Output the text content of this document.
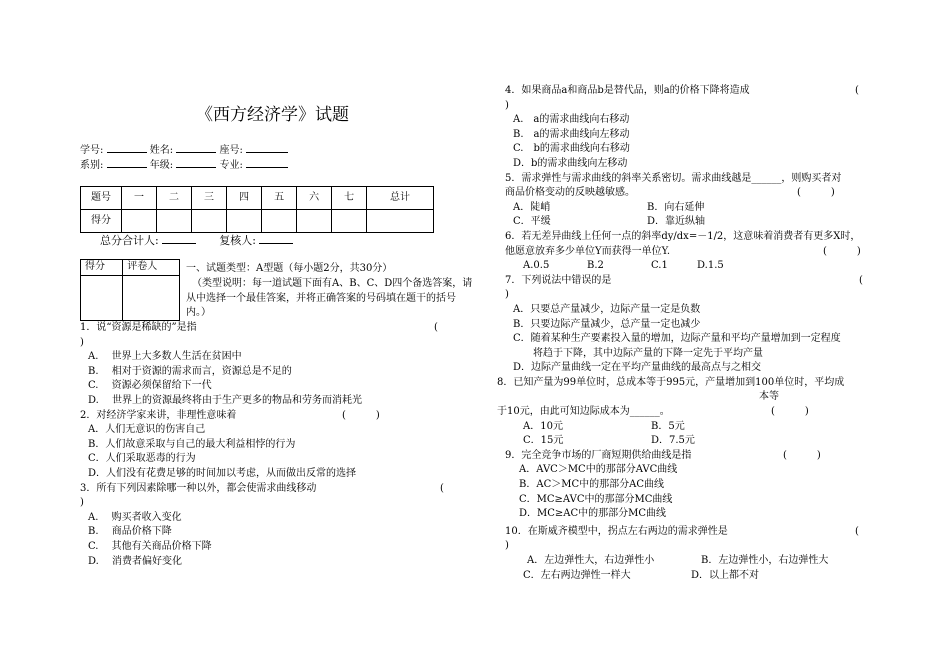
《西方经济学》试题
学号:	姓名:	座号:
系别:	年级:	专业:
题号	一	二	三	四	五	六	七	总计
得分								
总分合计人:	复核人:
得分	评卷人
		一、试题类型：A型题（每小题2分，共30分）
（类型说明：每一道试题下面有A、B、C、D四个备选答案，请
从中选择一个最佳答案，并将正确答案的号码填在题干的括号
内。）
1．说“资源是稀缺的”是指	(
)
A.　 世界上大多数人生活在贫困中
B.　 相对于资源的需求而言，资源总是不足的
C.　 资源必须保留给下一代
D.　 世界上的资源最终将由于生产更多的物品和劳务而消耗光
2．对经济学家来讲，非理性意味着	(　　　)
A．人们无意识的伤害自己
B．人们故意采取与自己的最大利益相悖的行为
C．人们采取恶毒的行为
D．人们没有花费足够的时间加以考虑，从而做出反常的选择
3．所有下列因素除哪一种以外，都会使需求曲线移动	(
)
A.　 购买者收入变化
B.　 商品价格下降
C.　 其他有关商品价格下降
D.　 消费者偏好变化
4．如果商品a和商品b是替代品，则a的价格下降将造成	(
)
A.　a的需求曲线向右移动
B.　a的需求曲线向左移动
C.　b的需求曲线向右移动
D．b的需求曲线向左移动
5．需求弹性与需求曲线的斜率关系密切。需求曲线越是______，则购买者对
商品价格变动的反映越敏感。	(　　　)
A．陡峭	B．向右延伸
C．平缓	D．靠近纵轴
6．若无差异曲线上任何一点的斜率dy/dx=－1/2，这意味着消费者有更多X时，
他愿意放弃多少单位Y而获得一单位Y.	(　　　)
A.0.5	B.2	C.1	D.1.5
7．下列说法中错误的是	(
)
A．只要总产量减少，边际产量一定是负数
B．只要边际产量减少，总产量一定也减少
C．随着某种生产要素投入量的增加，边际产量和平均产量增加到一定程度
　　将趋于下降，其中边际产量的下降一定先于平均产量
D．边际产量曲线一定在平均产量曲线的最高点与之相交
8．已知产量为99单位时，总成本等于995元，产量增加到100单位时，平均成
本等
于10元，由此可知边际成本为______。	(　　　)
A．10元	B．5元
C．15元	D．7.5元
9．完全竞争市场的厂商短期供给曲线是指	(　　　)
A．AVC＞MC中的那部分AVC曲线
B．AC＞MC中的那部分AC曲线
C．MC≥AVC中的那部分MC曲线
D．MC≥AC中的那部分MC曲线
10．在斯威齐模型中，拐点左右两边的需求弹性是	(
)
A．左边弹性大，右边弹性小	B．左边弹性小，右边弹性大
C．左右两边弹性一样大	D．以上都不对
